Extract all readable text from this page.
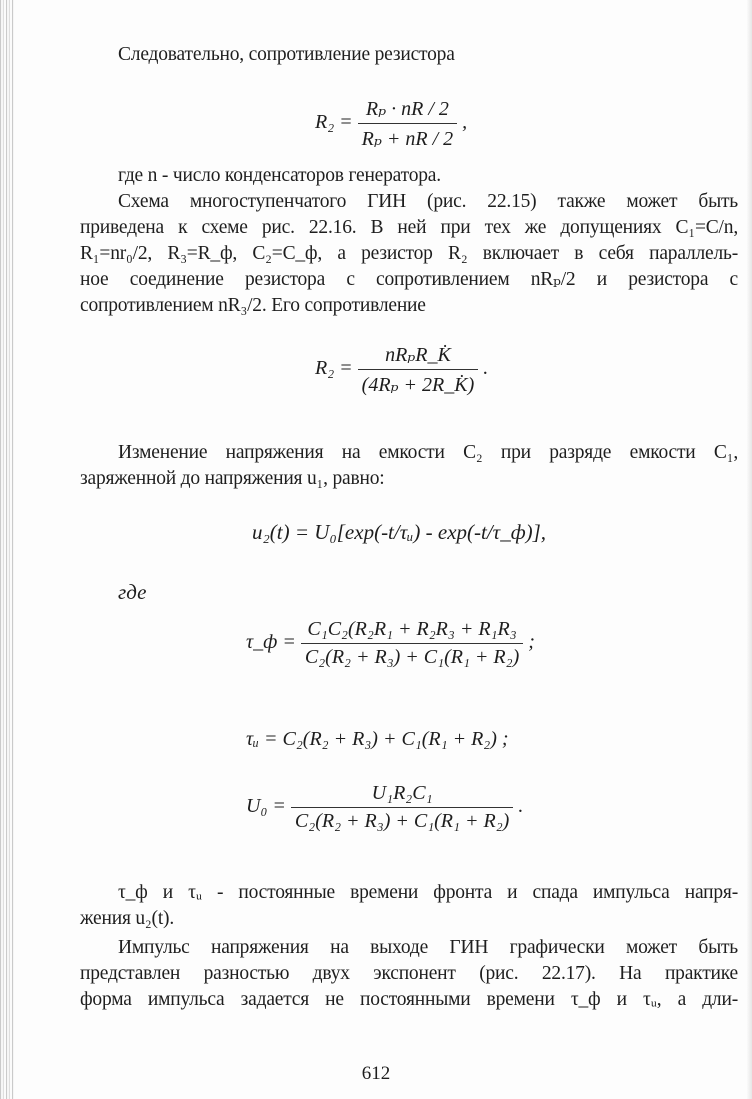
Следовательно, сопротивление резистора
$R_2 = \frac{\text{Rₚ · nR / 2}}{\text{Rₚ + nR / 2}}$ ,
где n - число конденсаторов генератора.
Схема многоступенчатого ГИН (рис. 22.15) также может быть
приведена к схеме рис. 22.16. В ней при тех же допущениях C₁=C/n,
R₁=nr₀/2, R₃=R_ф, C₂=C_ф, а резистор R₂ включает в себя параллель-
ное соединение резистора с сопротивлением nRₚ/2 и резистора с
сопротивлением nR₃/2. Его сопротивление
$R_2 = \frac{\text{nRₚR\_K̇}}{\text{(4Rₚ + 2R\_K̇)}}$ .
Изменение напряжения на емкости C₂ при разряде емкости C₁,
заряженной до напряжения u₁, равно:
u₂(t) = U₀[exp(-t/τᵤ) - exp(-t/τ_ф)],
где
τ_ф = $\frac{\text{C₁C₂(R₂R₁ + R₂R₃ + R₁R₃}}{\text{C₂(R₂ + R₃) + C₁(R₁ + R₂)}}$ ;
τᵤ = C₂(R₂ + R₃) + C₁(R₁ + R₂) ;
$U_0 = \frac{\text{U₁R₂C₁}}{\text{C₂(R₂ + R₃) + C₁(R₁ + R₂)}}$ .
τ_ф и τᵤ - постоянные времени фронта и спада импульса напря-
жения u₂(t).
Импульс напряжения на выходе ГИН графически может быть
представлен разностью двух экспонент (рис. 22.17). На практике
форма импульса задается не постоянными времени τ_ф и τᵤ, а дли-
612
